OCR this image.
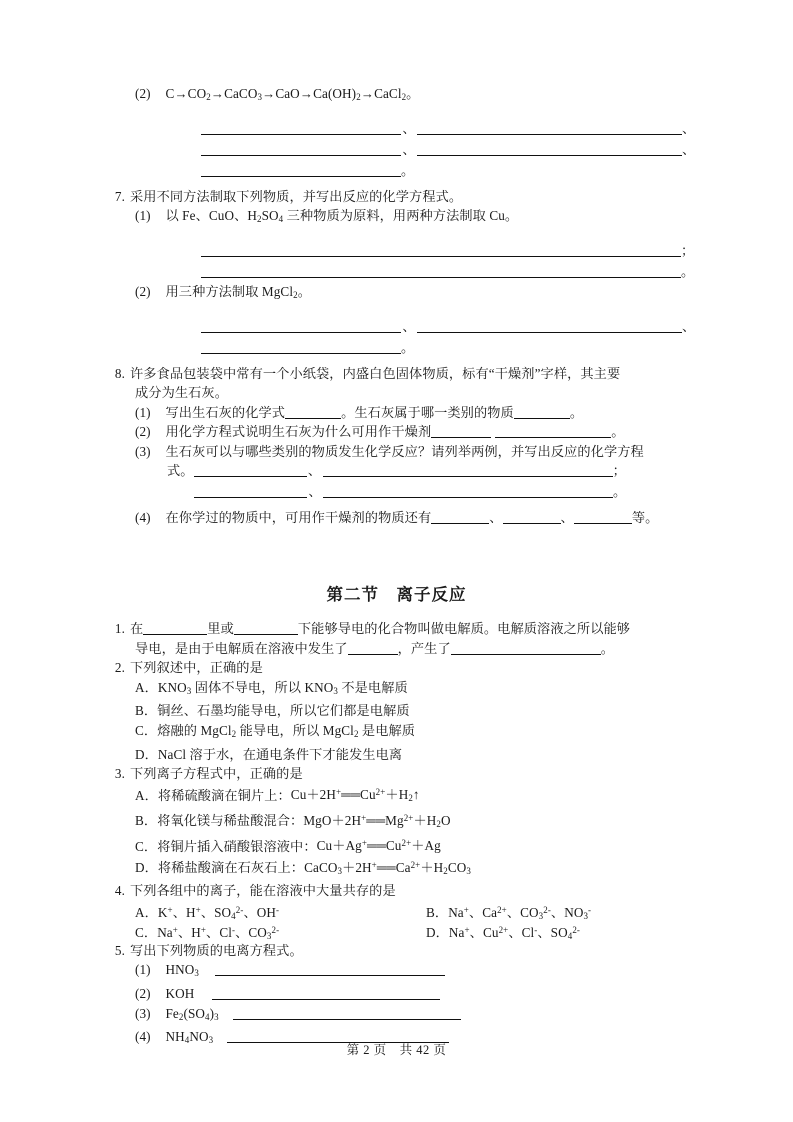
(2) $C\to CO_2\to CaCO_3\to CaO\to Ca(OH)_2\to CaCl_2$。
、	、
、	、
。
7. 采用不同方法制取下列物质，并写出反应的化学方程式。
(1) 以 Fe、CuO、$H_2SO_4$ 三种物质为原料，用两种方法制取 Cu。
；
。
(2) 用三种方法制取 MgCl$_2$。
、	、
。
8. 许多食品包装袋中常有一个小纸袋，内盛白色固体物质，标有“干燥剂”字样，其主要
成分为生石灰。
(1) 写出生石灰的化学式	。生石灰属于哪一类别的物质	。
(2) 用化学方程式说明生石灰为什么可用作干燥剂	。
(3) 生石灰可以与哪些类别的物质发生化学反应？请列举两例，并写出反应的化学方程
式。	、	；
、	。
(4) 在你学过的物质中，可用作干燥剂的物质还有	、	、	等。
第二节　离子反应
1. 在	里或	下能够导电的化合物叫做电解质。电解质溶液之所以能够
导电，是由于电解质在溶液中发生了	，产生了	。
2. 下列叙述中，正确的是
A．$KNO_3$ 固体不导电，所以 $KNO_3$ 不是电解质
B．铜丝、石墨均能导电，所以它们都是电解质
C．熔融的 MgCl$_2$ 能导电，所以 MgCl$_2$ 是电解质
D．NaCl 溶于水，在通电条件下才能发生电离
3. 下列离子方程式中，正确的是
A．将稀硫酸滴在铜片上：$Cu+2H^+══Cu^{2+}+H_2↑$
B．将氧化镁与稀盐酸混合：$MgO+2H^+══Mg^{2+}+H_2O$
C．将铜片插入硝酸银溶液中：$Cu+Ag^+══Cu^{2+}+Ag$
D．将稀盐酸滴在石灰石上：$CaCO_3+2H^+══Ca^{2+}+H_2CO_3$
4. 下列各组中的离子，能在溶液中大量共存的是
A．K+、H+、$SO_4^{2-}$、OH-	B．Na+、$Ca^{2+}$、$CO_3^{2-}$、$NO_3^-$
C．Na+、H+、Cl-、$CO_3^{2-}$	D．Na+、$Cu^{2+}$、Cl-、$SO_4^{2-}$
5. 写出下列物质的电离方程式。
(1) $HNO_3$
(2) KOH
(3) $Fe_2(SO_4)_3$
(4) $NH_4NO_3$
第 2 页　共 42 页
